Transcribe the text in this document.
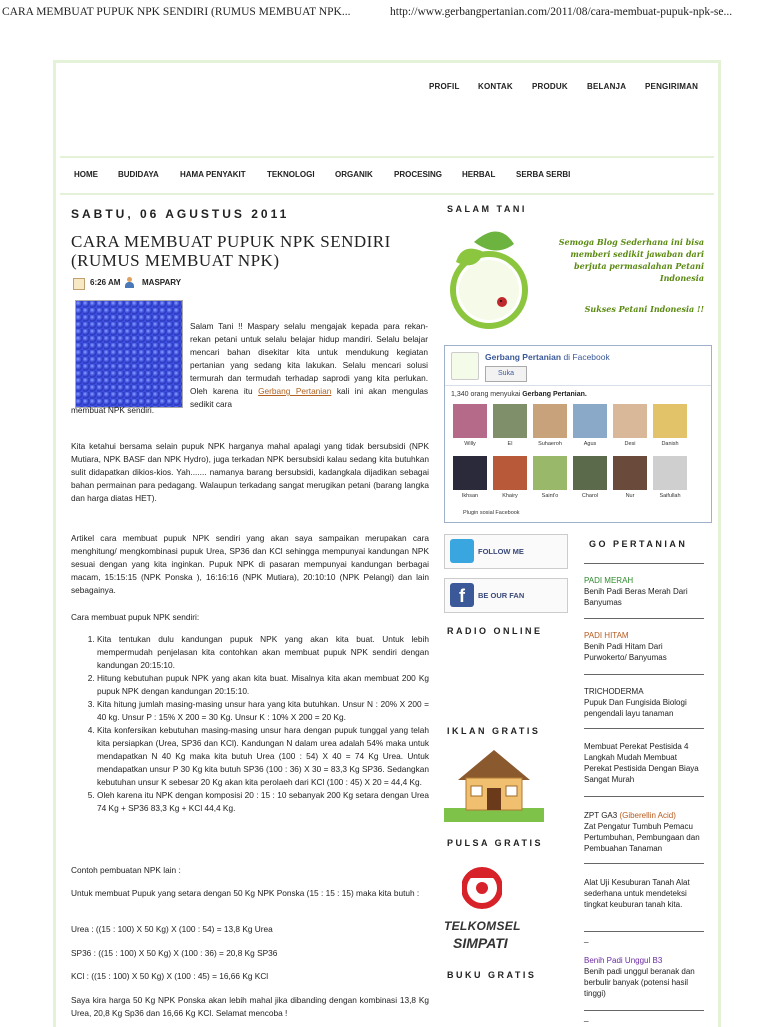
CARA MEMBUAT PUPUK NPK SENDIRI (RUMUS MEMBUAT NPK...	http://www.gerbangpertanian.com/2011/08/cara-membuat-pupuk-npk-se...
PROFIL KONTAK PRODUK BELANJA PENGIRIMAN
HOME	BUDIDAYA	HAMA PENYAKIT	TEKNOLOGI	ORGANIK	PROCESING HERBAL	SERBA SERBI
SABTU, 06 AGUSTUS 2011
CARA MEMBUAT PUPUK NPK SENDIRI (RUMUS MEMBUAT NPK)
6:26 AM	MASPARY
Salam Tani !! Maspary selalu mengajak kepada para rekan-rekan petani untuk selalu belajar hidup mandiri. Selalu belajar mencari bahan disekitar kita untuk mendukung kegiatan pertanian yang sedang kita lakukan. Selalu mencari solusi termurah dan termudah terhadap saprodi yang kita perlukan. Oleh karena itu Gerbang Pertanian kali ini akan mengulas sedikit cara
membuat NPK sendiri.
Kita ketahui bersama selain pupuk NPK harganya mahal apalagi yang tidak bersubsidi (NPK Mutiara, NPK BASF dan NPK Hydro), juga terkadan NPK bersubsidi kalau sedang kita butuhkan sulit didapatkan dikios-kios. Yah....... namanya barang bersubsidi, kadangkala dijadikan sebagai bahan permainan para pedagang. Walaupun terkadang sangat merugikan petani (barang langka dan harga diatas HET).
Artikel cara membuat pupuk NPK sendiri yang akan saya sampaikan merupakan cara menghitung/ mengkombinasi pupuk Urea, SP36 dan KCl sehingga mempunyai kandungan NPK sesuai dengan yang kita inginkan. Pupuk NPK di pasaran mempunyai kandungan berbagai macam, 15:15:15 (NPK Ponska ), 16:16:16 (NPK Mutiara), 20:10:10 (NPK Pelangi) dan lain sebagainya.
Cara membuat pupuk NPK sendiri:
1. Kita tentukan dulu kandungan pupuk NPK yang akan kita buat. Untuk lebih mempermudah penjelasan kita contohkan akan membuat pupuk NPK sendiri dengan kandungan 20:15:10.
2. Hitung kebutuhan pupuk NPK yang akan kita buat. Misalnya kita akan membuat 200 Kg pupuk NPK dengan kandungan 20:15:10.
3. Kita hitung jumlah masing-masing unsur hara yang kita butuhkan. Unsur N : 20% X 200 = 40 kg. Unsur P : 15% X 200 = 30 Kg. Unsur K : 10% X 200 = 20 Kg.
4. Kita konfersikan kebutuhan masing-masing unsur hara dengan pupuk tunggal yang telah kita persiapkan (Urea, SP36 dan KCl). Kandungan N dalam urea adalah 54% maka untuk mendapatkan N 40 Kg maka kita butuh Urea (100 : 54) X 40 = 74 Kg Urea. Untuk mendapatkan unsur P 30 Kg kita butuh SP36 (100 : 36) X 30 = 83,3 Kg SP36. Sedangkan kebutuhan unsur K sebesar 20 Kg akan kita perolaeh dari KCl (100 : 45) X 20 = 44,4 Kg.
5. Oleh karena itu NPK dengan komposisi 20 : 15 : 10 sebanyak 200 Kg setara dengan Urea 74 Kg + SP36 83,3 Kg + KCl 44,4 Kg.
Contoh pembuatan NPK lain :
Untuk membuat Pupuk yang setara dengan 50 Kg NPK Ponska (15 : 15 : 15) maka kita butuh :
Urea : ((15 : 100) X 50 Kg) X (100 : 54) = 13,8 Kg Urea
SP36 : ((15 : 100) X 50 Kg) X (100 : 36) = 20,8 Kg SP36
KCl : ((15 : 100) X 50 Kg) X (100 : 45) = 16,66 Kg KCl
Saya kira harga 50 Kg NPK Ponska akan lebih mahal jika dibanding dengan kombinasi 13,8 Kg Urea, 20,8 Kg Sp36 dan 16,66 Kg KCl. Selamat mencoba !
SALAM TANI
Semoga Blog Sederhana ini bisa memberi sedikit jawaban dari berjuta permasalahan Petani Indonesia
Sukses Petani Indonesia !!
Gerbang Pertanian di Facebook
Suka
1,340 orang menyukai Gerbang Pertanian.
Willy	El	Suhaeroh	Agus	Desi	Danish
Ikhsan	Khairy	Saint'o	Charol	Nur	Saifullah
Plugin sosial Facebook
FOLLOW ME
f	BE OUR FAN
RADIO ONLINE
IKLAN GRATIS
PULSA GRATIS
TELKOMSEL
SIMPATI
BUKU GRATIS
GO PERTANIAN
PADI MERAH
Benih Padi Beras Merah Dari Banyumas
PADI HITAM
Benih Padi Hitam Dari Purwokerto/ Banyumas
TRICHODERMA
Pupuk Dan Fungisida Biologi pengendali layu tanaman
Membuat Perekat Pestisida 4 Langkah Mudah Membuat Perekat Pestisida Dengan Biaya Sangat Murah
ZPT GA3 (Giberellin Acid)
Zat Pengatur Tumbuh Pemacu Pertumbuhan, Pembungaan dan Pembuahan Tanaman
Alat Uji Kesuburan Tanah Alat sederhana untuk mendeteksi tingkat keuburan tanah kita.
_
Benih Padi Unggul B3
Benih padi unggul beranak dan berbulir banyak (potensi hasil tinggi)
_
